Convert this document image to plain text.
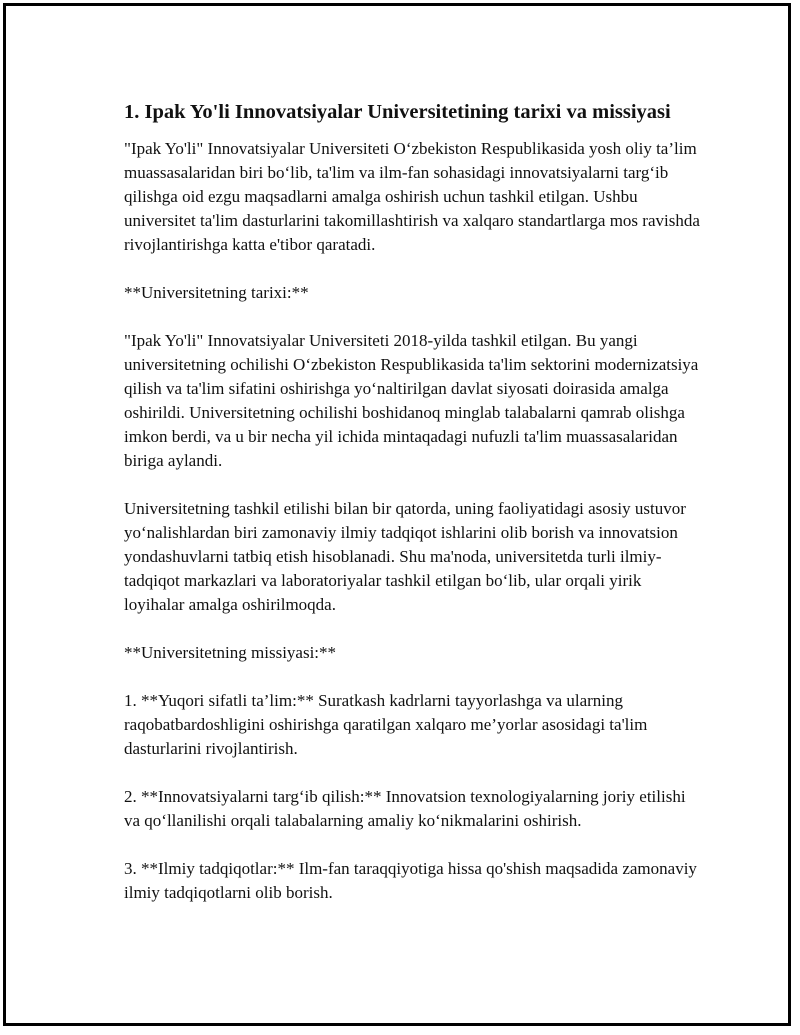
1. Ipak Yo'li Innovatsiyalar Universitetining tarixi va missiyasi

"Ipak Yo'li" Innovatsiyalar Universiteti O‘zbekiston Respublikasida yosh oliy ta’lim muassasalaridan biri bo‘lib, ta'lim va ilm-fan sohasidagi innovatsiyalarni targ‘ib qilishga oid ezgu maqsadlarni amalga oshirish uchun tashkil etilgan. Ushbu universitet ta'lim dasturlarini takomillashtirish va xalqaro standartlarga mos ravishda rivojlantirishga katta e'tibor qaratadi.

**Universitetning tarixi:**

"Ipak Yo'li" Innovatsiyalar Universiteti 2018-yilda tashkil etilgan. Bu yangi universitetning ochilishi O‘zbekiston Respublikasida ta'lim sektorini modernizatsiya qilish va ta'lim sifatini oshirishga yo‘naltirilgan davlat siyosati doirasida amalga oshirildi. Universitetning ochilishi boshidanoq minglab talabalarni qamrab olishga imkon berdi, va u bir necha yil ichida mintaqadagi nufuzli ta'lim muassasalaridan biriga aylandi.

Universitetning tashkil etilishi bilan bir qatorda, uning faoliyatidagi asosiy ustuvor yo‘nalishlardan biri zamonaviy ilmiy tadqiqot ishlarini olib borish va innovatsion yondashuvlarni tatbiq etish hisoblanadi. Shu ma'noda, universitetda turli ilmiy-tadqiqot markazlari va laboratoriyalar tashkil etilgan bo‘lib, ular orqali yirik loyihalar amalga oshirilmoqda.

**Universitetning missiyasi:**

1. **Yuqori sifatli ta’lim:** Suratkash kadrlarni tayyorlashga va ularning raqobatbardoshligini oshirishga qaratilgan xalqaro me’yorlar asosidagi ta'lim dasturlarini rivojlantirish.

2. **Innovatsiyalarni targ‘ib qilish:** Innovatsion texnologiyalarning joriy etilishi va qo‘llanilishi orqali talabalarning amaliy ko‘nikmalarini oshirish.

3. **Ilmiy tadqiqotlar:** Ilm-fan taraqqiyotiga hissa qo'shish maqsadida zamonaviy ilmiy tadqiqotlarni olib borish.
